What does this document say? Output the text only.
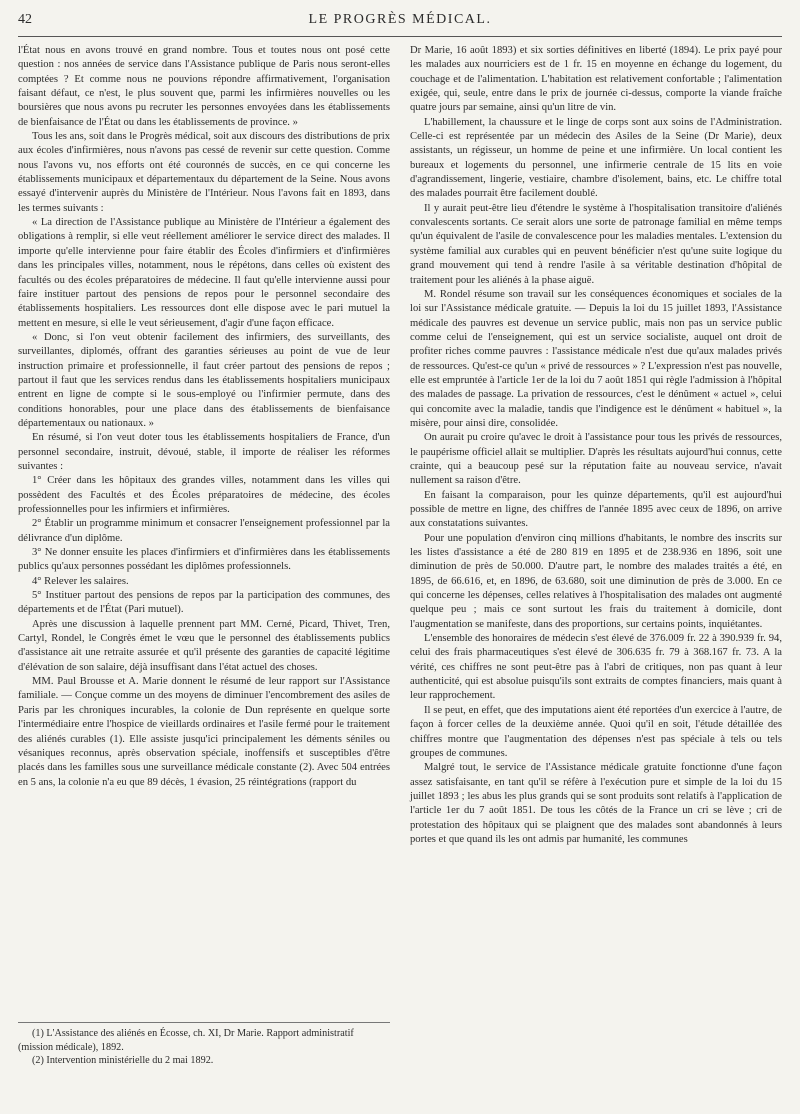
42	LE PROGRÈS MÉDICAL.

l'État nous en avons trouvé en grand nombre. Tous et toutes nous ont posé cette question : nos années de service dans l'Assistance publique de Paris nous seront-elles comptées ? Et comme nous ne pouvions répondre affirmativement, l'organisation faisant défaut, ce n'est, le plus souvent que, parmi les infirmières nouvelles ou les boursières que nous avons pu recruter les personnes envoyées dans les établissements de bienfaisance de l'État ou dans les établissements de province. »

Tous les ans, soit dans le Progrès médical, soit aux discours des distributions de prix aux écoles d'infirmières, nous n'avons pas cessé de revenir sur cette question. Comme nous l'avons vu, nos efforts ont été couronnés de succès, en ce qui concerne les établissements municipaux et départementaux du département de la Seine. Nous avons essayé d'intervenir auprès du Ministère de l'Intérieur. Nous l'avons fait en 1893, dans les termes suivants :

« La direction de l'Assistance publique au Ministère de l'Intérieur a également des obligations à remplir, si elle veut réellement améliorer le service direct des malades. Il importe qu'elle intervienne pour faire établir des Écoles d'infirmiers et d'infirmières dans les principales villes, notamment, nous le répétons, dans celles où existent des facultés ou des écoles préparatoires de médecine. Il faut qu'elle intervienne aussi pour faire instituer partout des pensions de repos pour le personnel secondaire des établissements hospitaliers. Les ressources dont elle dispose avec le pari mutuel la mettent en mesure, si elle le veut sérieusement, d'agir d'une façon efficace.

« Donc, si l'on veut obtenir facilement des infirmiers, des surveillants, des surveillantes, diplomés, offrant des garanties sérieuses au point de vue de leur instruction primaire et professionnelle, il faut créer partout des pensions de repos ; partout il faut que les services rendus dans les établissements hospitaliers municipaux entrent en ligne de compte si le sous-employé ou l'infirmier permute, dans des conditions honorables, pour une place dans des établissements de bienfaisance départementaux ou nationaux. »

En résumé, si l'on veut doter tous les établissements hospitaliers de France, d'un personnel secondaire, instruit, dévoué, stable, il importe de réaliser les réformes suivantes :

1° Créer dans les hôpitaux des grandes villes, notamment dans les villes qui possèdent des Facultés et des Écoles préparatoires de médecine, des écoles professionnelles pour les infirmiers et infirmières.

2° Établir un programme minimum et consacrer l'enseignement professionnel par la délivrance d'un diplôme.

3° Ne donner ensuite les places d'infirmiers et d'infirmières dans les établissements publics qu'aux personnes possédant les diplômes professionnels.

4° Relever les salaires.

5° Instituer partout des pensions de repos par la participation des communes, des départements et de l'État (Pari mutuel).

Après une discussion à laquelle prennent part MM. Cerné, Picard, Thivet, Tren, Cartyl, Rondel, le Congrès émet le vœu que le personnel des établissements publics d'assistance ait une retraite assurée et qu'il présente des garanties de capacité légitime d'élévation de son salaire, déjà insuffisant dans l'état actuel des choses.

MM. Paul Brousse et A. Marie donnent le résumé de leur rapport sur l'Assistance familiale. — Conçue comme un des moyens de diminuer l'encombrement des asiles de Paris par les chroniques incurables, la colonie de Dun représente en quelque sorte l'intermédiaire entre l'hospice de vieillards ordinaires et l'asile fermé pour le traitement des aliénés curables (1). Elle assiste jusqu'ici principalement les déments séniles ou vésaniques reconnus, après observation spéciale, inoffensifs et susceptibles d'être placés dans les familles sous une surveillance médicale constante (2). Avec 504 entrées en 5 ans, la colonie n'a eu que 89 décès, 1 évasion, 25 réintégrations (rapport du

(1) L'Assistance des aliénés en Écosse, ch. XI, Dr Marie. Rapport administratif (mission médicale), 1892.

(2) Intervention ministérielle du 2 mai 1892.

Dr Marie, 16 août 1893) et six sorties définitives en liberté (1894). Le prix payé pour les malades aux nourriciers est de 1 fr. 15 en moyenne en échange du logement, du couchage et de l'alimentation. L'habitation est relativement confortable ; l'alimentation exigée, qui, seule, entre dans le prix de journée ci-dessus, comporte la viande fraîche quatre jours par semaine, ainsi qu'un litre de vin.

L'habillement, la chaussure et le linge de corps sont aux soins de l'Administration. Celle-ci est représentée par un médecin des Asiles de la Seine (Dr Marie), deux assistants, un régisseur, un homme de peine et une infirmière. Un local contient les bureaux et logements du personnel, une infirmerie centrale de 15 lits en voie d'agrandissement, lingerie, vestiaire, chambre d'isolement, bains, etc. Le chiffre total des malades pourrait être facilement doublé.

Il y aurait peut-être lieu d'étendre le système à l'hospitalisation transitoire d'aliénés convalescents sortants. Ce serait alors une sorte de patronage familial en même temps qu'un équivalent de l'asile de convalescence pour les maladies mentales. L'extension du système familial aux curables qui en peuvent bénéficier n'est qu'une suite logique du grand mouvement qui tend à rendre l'asile à sa véritable destination d'hôpital de traitement pour les aliénés à la phase aiguë.

M. Rondel résume son travail sur les conséquences économiques et sociales de la loi sur l'Assistance médicale gratuite. — Depuis la loi du 15 juillet 1893, l'Assistance médicale des pauvres est devenue un service public, mais non pas un service public comme celui de l'enseignement, qui est un service socialiste, auquel ont droit de profiter riches comme pauvres : l'assistance médicale n'est due qu'aux malades privés de ressources. Qu'est-ce qu'un « privé de ressources » ? L'expression n'est pas nouvelle, elle est empruntée à l'article 1er de la loi du 7 août 1851 qui règle l'admission à l'hôpital des malades de passage. La privation de ressources, c'est le dénûment « actuel », celui qui concomite avec la maladie, tandis que l'indigence est le dénûment « habituel », la misère, pour ainsi dire, consolidée.

On aurait pu croire qu'avec le droit à l'assistance pour tous les privés de ressources, le paupérisme officiel allait se multiplier. D'après les résultats aujourd'hui connus, cette crainte, qui a beaucoup pesé sur la réputation faite au nouveau service, n'avait nullement sa raison d'être.

En faisant la comparaison, pour les quinze départements, qu'il est aujourd'hui possible de mettre en ligne, des chiffres de l'année 1895 avec ceux de 1896, on arrive aux constatations suivantes.

Pour une population d'environ cinq millions d'habitants, le nombre des inscrits sur les listes d'assistance a été de 280 819 en 1895 et de 238.936 en 1896, soit une diminution de près de 50.000. D'autre part, le nombre des malades traités a été, en 1895, de 66.616, et, en 1896, de 63.680, soit une diminution de près de 3.000. En ce qui concerne les dépenses, celles relatives à l'hospitalisation des malades ont augmenté quelque peu ; mais ce sont surtout les frais du traitement à domicile, dont l'augmentation se manifeste, dans des proportions, sur certains points, inquiétantes.

L'ensemble des honoraires de médecin s'est élevé de 376.009 fr. 22 à 390.939 fr. 94, celui des frais pharmaceutiques s'est élevé de 306.635 fr. 79 à 368.167 fr. 73. A la vérité, ces chiffres ne sont peut-être pas à l'abri de critiques, non pas quant à leur authenticité, qui est absolue puisqu'ils sont extraits de comptes financiers, mais quant à leur rapprochement.

Il se peut, en effet, que des imputations aient été reportées d'un exercice à l'autre, de façon à forcer celles de la deuxième année. Quoi qu'il en soit, l'étude détaillée des chiffres montre que l'augmentation des dépenses n'est pas spéciale à tels ou tels groupes de communes.

Malgré tout, le service de l'Assistance médicale gratuite fonctionne d'une façon assez satisfaisante, en tant qu'il se réfère à l'exécution pure et simple de la loi du 15 juillet 1893 ; les abus les plus grands qui se sont produits sont relatifs à l'application de l'article 1er du 7 août 1851. De tous les côtés de la France un cri se lève ; cri de protestation des hôpitaux qui se plaignent que des malades sont abandonnés à leurs portes et que quand ils les ont admis par humanité, les communes
